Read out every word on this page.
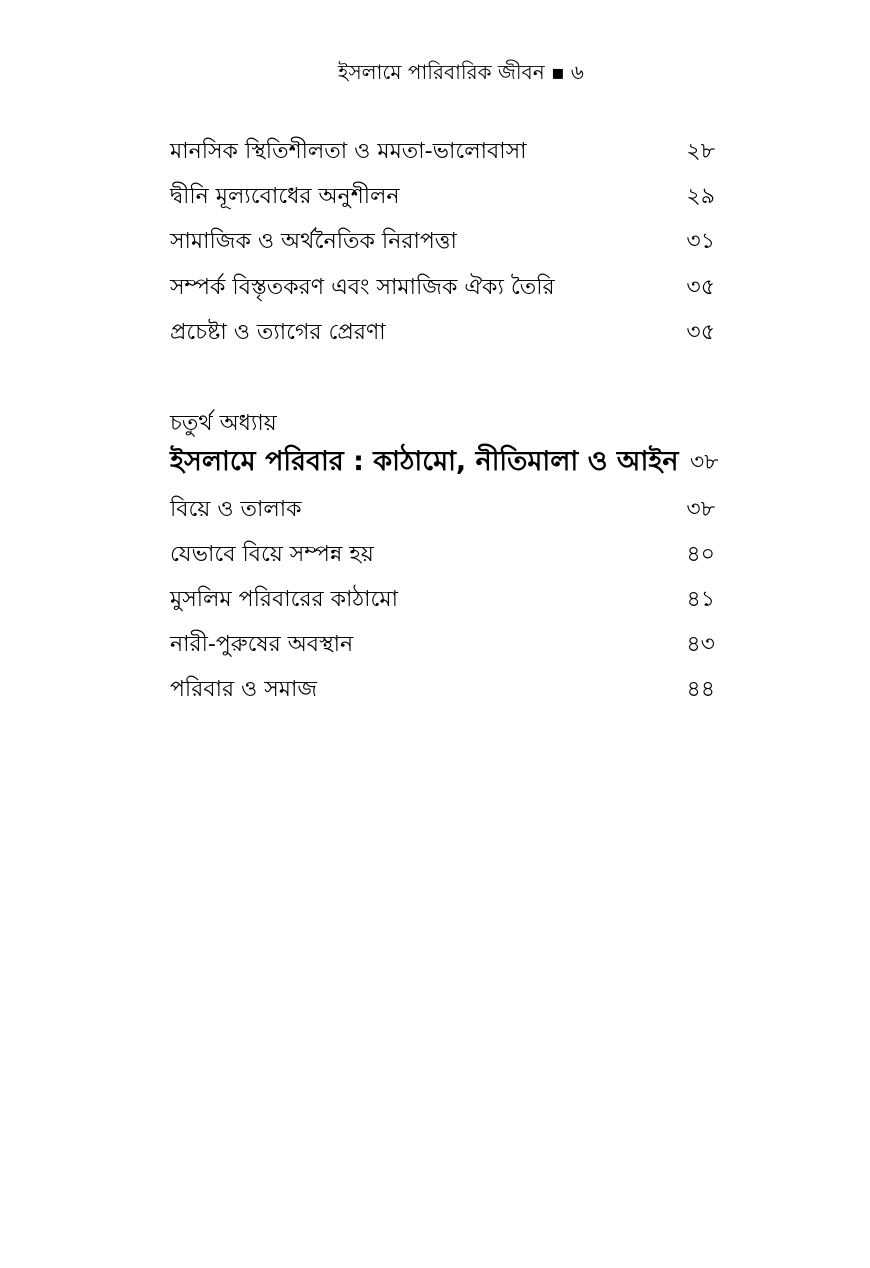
ইসলামে পারিবারিক জীবন ▪ ৬
মানসিক স্থিতিশীলতা ও মমতা-ভালোবাসা	২৮
দ্বীনি মূল্যবোধের অনুশীলন	২৯
সামাজিক ও অর্থনৈতিক নিরাপত্তা	৩১
সম্পর্ক বিস্তৃতকরণ এবং সামাজিক ঐক্য তৈরি	৩৫
প্রচেষ্টা ও ত্যাগের প্রেরণা	৩৫
চতুর্থ অধ্যায়
ইসলামে পরিবার : কাঠামো, নীতিমালা ও আইন ৩৮
বিয়ে ও তালাক	৩৮
যেভাবে বিয়ে সম্পন্ন হয়	৪০
মুসলিম পরিবারের কাঠামো	৪১
নারী-পুরুষের অবস্থান	৪৩
পরিবার ও সমাজ	৪৪
